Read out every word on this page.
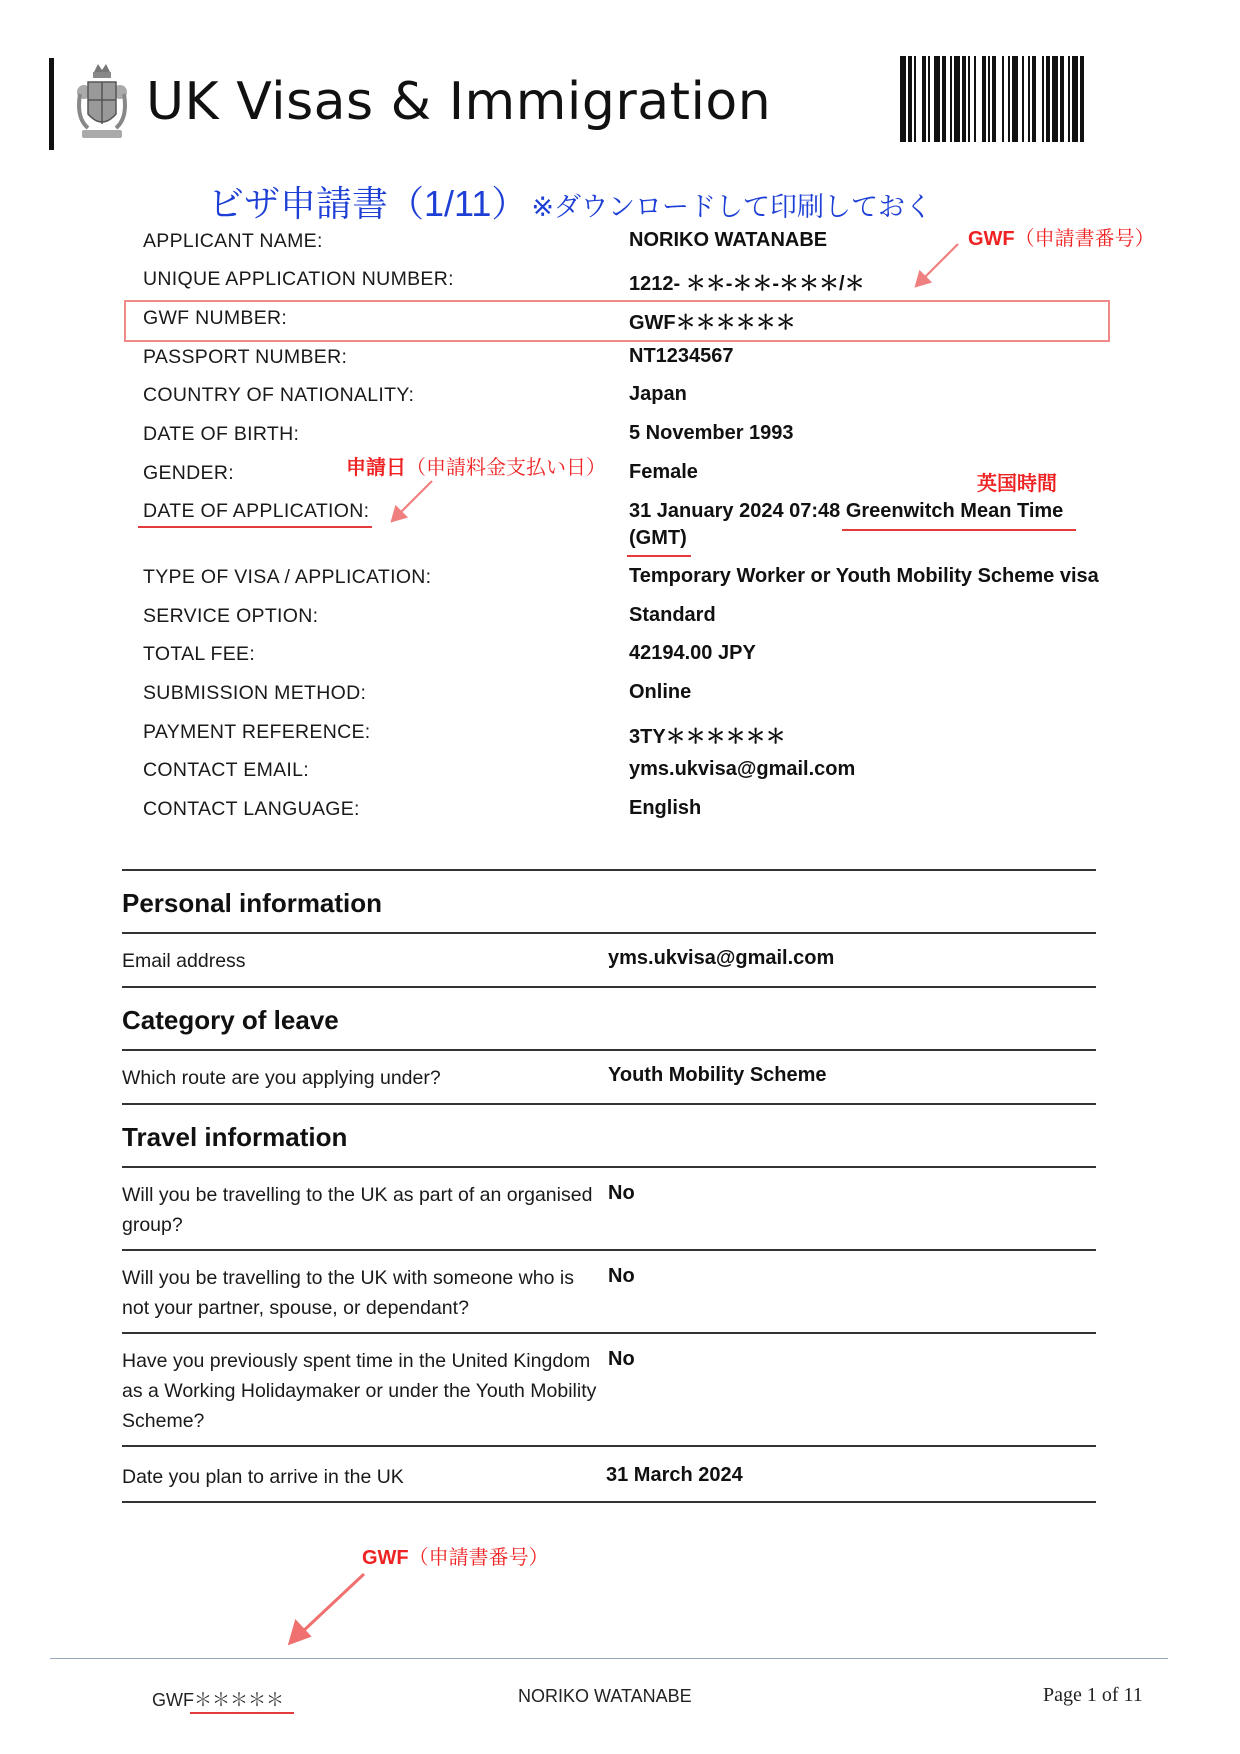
UK Visas & Immigration
ビザ申請書（1/11） ※ダウンロードして印刷しておく
APPLICANT NAME:	NORIKO WATANABE
UNIQUE APPLICATION NUMBER:	1212- ＊＊-＊＊-＊＊＊/＊
GWF NUMBER:	GWF＊＊＊＊＊＊
PASSPORT NUMBER:	NT1234567
COUNTRY OF NATIONALITY:	Japan
DATE OF BIRTH:	5 November 1993
GENDER:	Female
DATE OF APPLICATION:	31 January 2024 07:48 Greenwitch Mean Time
(GMT)
TYPE OF VISA / APPLICATION:	Temporary Worker or Youth Mobility Scheme visa
SERVICE OPTION:	Standard
TOTAL FEE:	42194.00 JPY
SUBMISSION METHOD:	Online
PAYMENT REFERENCE:	3TY＊＊＊＊＊＊
CONTACT EMAIL:	yms.ukvisa@gmail.com
CONTACT LANGUAGE:	English
GWF（申請書番号）
申請日（申請料金支払い日）
英国時間
GWF（申請書番号）
Personal information
Email address	yms.ukvisa@gmail.com
Category of leave
Which route are you applying under?	Youth Mobility Scheme
Travel information
Will you be travelling to the UK as part of an organised group?
No
Will you be travelling to the UK with someone who is not your partner, spouse, or dependant?
No
Have you previously spent time in the United Kingdom as a Working Holidaymaker or under the Youth Mobility Scheme?
No
Date you plan to arrive in the UK	31 March 2024
GWF＊＊＊＊＊	NORIKO WATANABE	Page 1 of 11
